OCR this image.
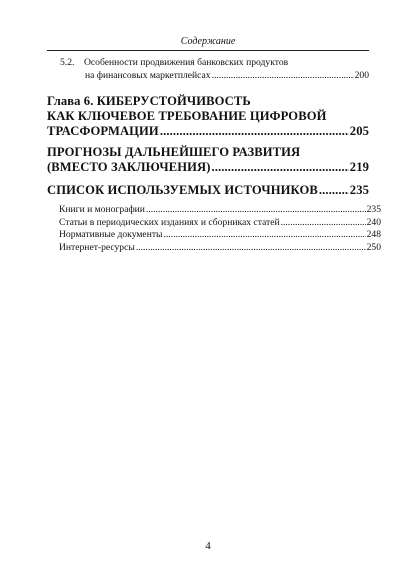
Содержание
5.2.	Особенности продвижения банковских продуктов
на финансовых маркетплейсах .....	200
Глава 6. КИБЕРУСТОЙЧИВОСТЬ
КАК КЛЮЧЕВОЕ ТРЕБОВАНИЕ ЦИФРОВОЙ
ТРАСФОРМАЦИИ .....	205
ПРОГНОЗЫ ДАЛЬНЕЙШЕГО РАЗВИТИЯ
(ВМЕСТО ЗАКЛЮЧЕНИЯ) .....	219
СПИСОК ИСПОЛЬЗУЕМЫХ ИСТОЧНИКОВ .....	235
Книги и монографии .....	235
Статьи в периодических изданиях и сборниках статей .....	240
Нормативные документы .....	248
Интернет-ресурсы .....	250
4
